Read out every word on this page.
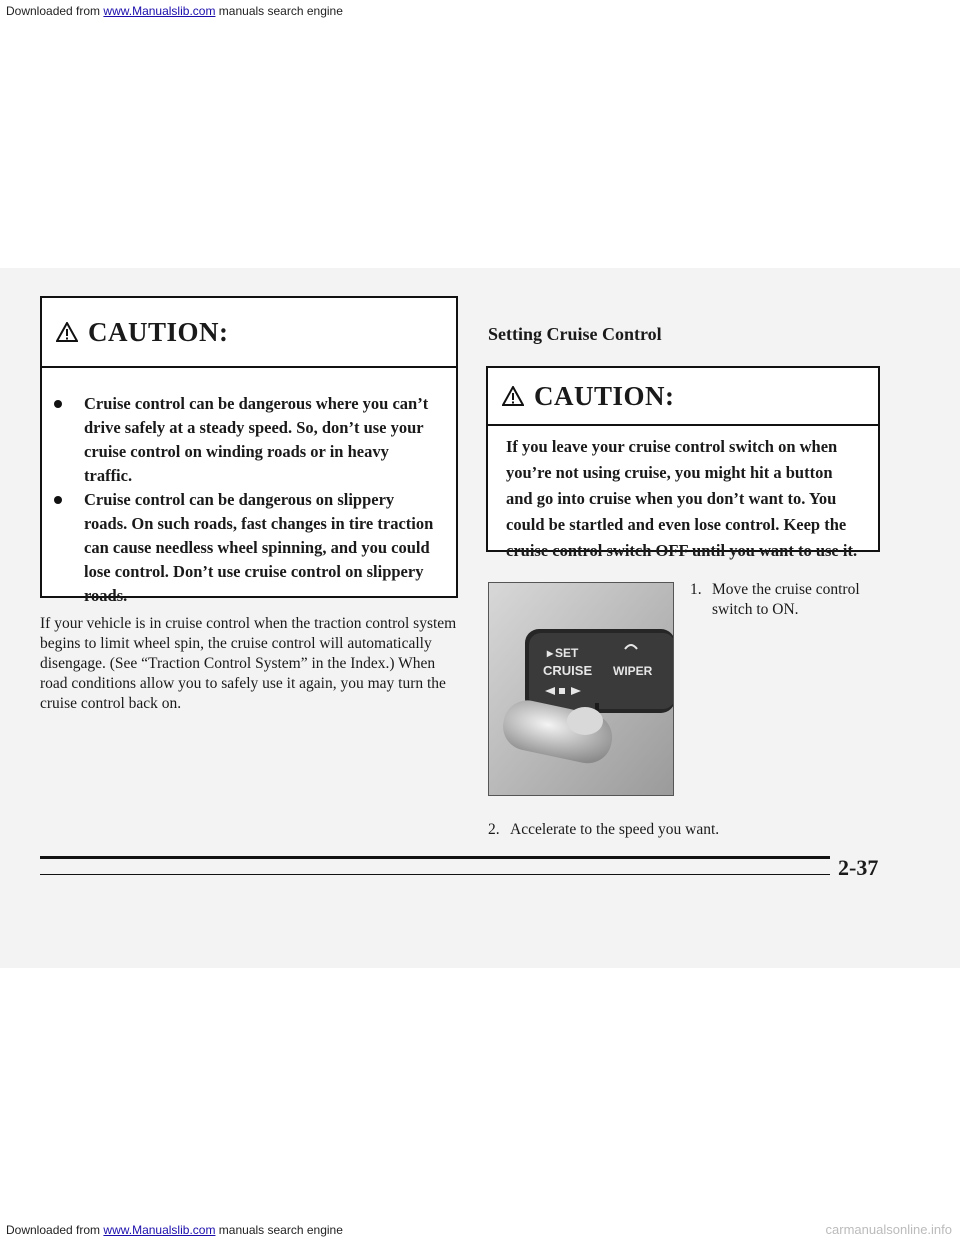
Downloaded from www.Manualslib.com manuals search engine
CAUTION:
Cruise control can be dangerous where you can’t drive safely at a steady speed. So, don’t use your cruise control on winding roads or in heavy traffic.
Cruise control can be dangerous on slippery roads. On such roads, fast changes in tire traction can cause needless wheel spinning, and you could lose control. Don’t use cruise control on slippery roads.

If your vehicle is in cruise control when the traction control system begins to limit wheel spin, the cruise control will automatically disengage. (See “Traction Control System” in the Index.) When road conditions allow you to safely use it again, you may turn the cruise control back on.

Setting Cruise Control
CAUTION:
If you leave your cruise control switch on when you’re not using cruise, you might hit a button and go into cruise when you don’t want to. You could be startled and even lose control. Keep the cruise control switch OFF until you want to use it.
▸ SET
CRUISE WIPER
1. Move the cruise control switch to ON.
2. Accelerate to the speed you want.

2-37

Downloaded from www.Manualslib.com manuals search engine	carmanualsonline.info
